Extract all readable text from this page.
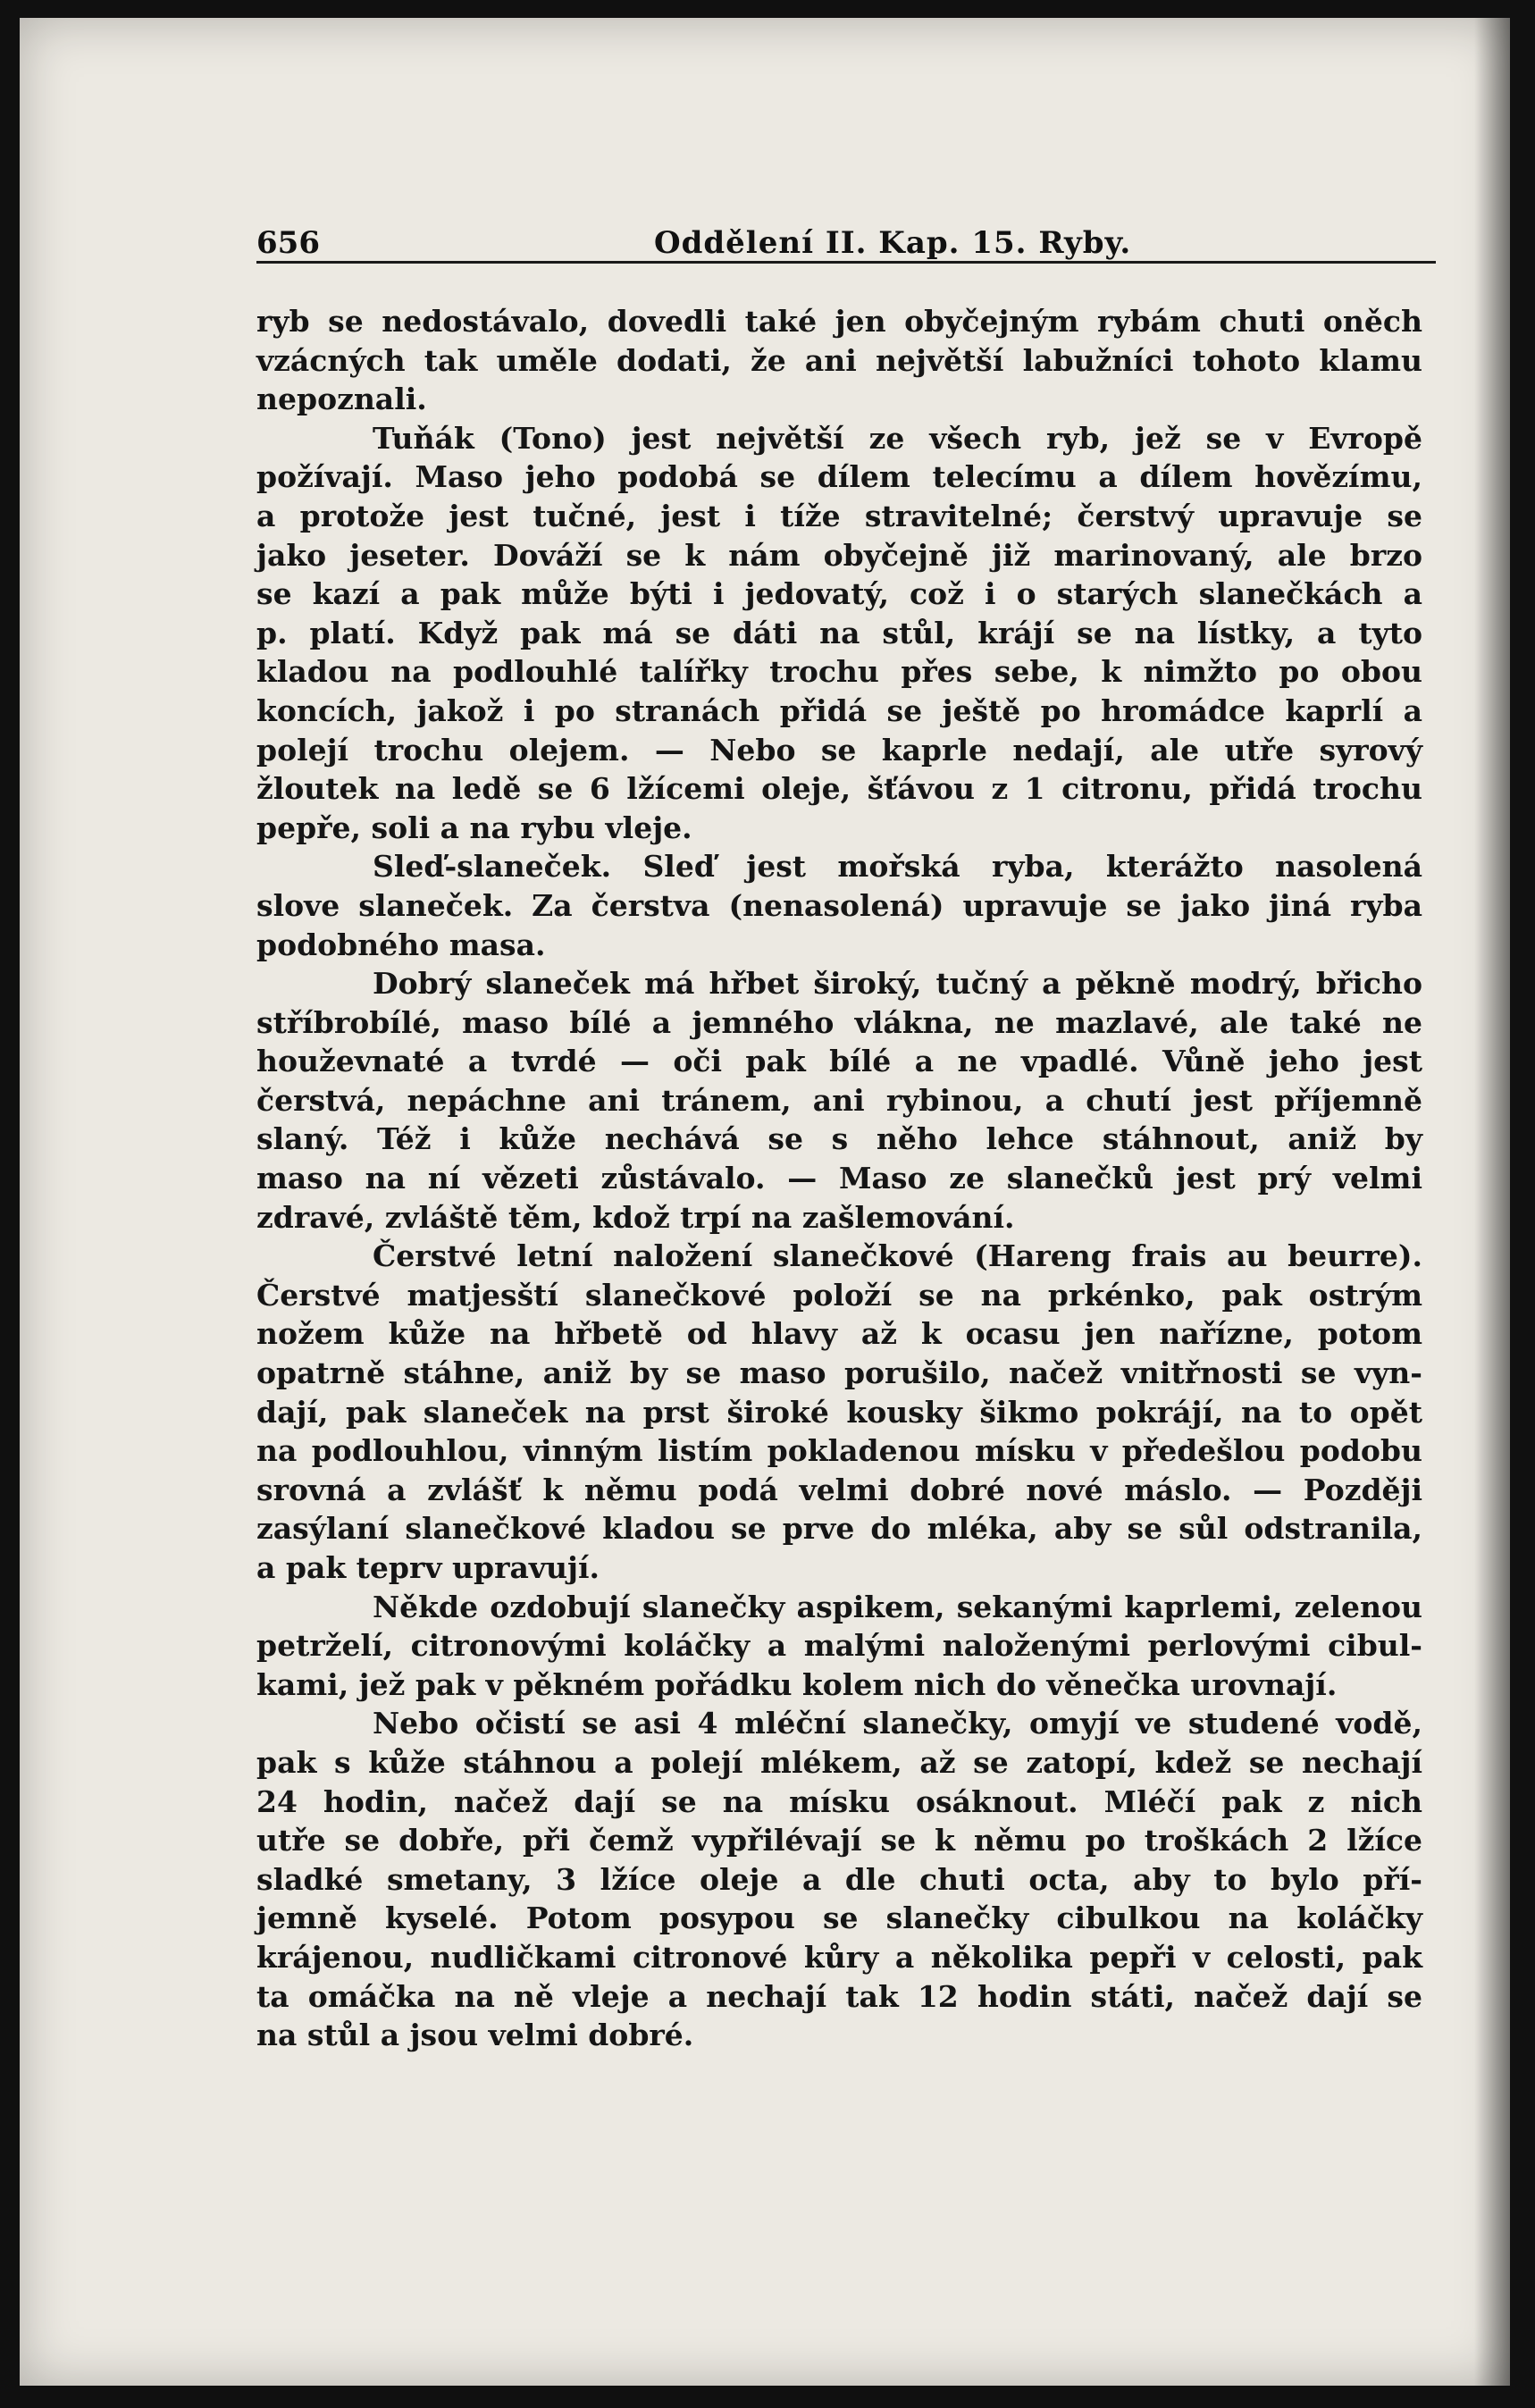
656	Oddělení II. Kap. 15. Ryby.
ryb se nedostávalo, dovedli také jen obyčejným rybám chuti oněch
vzácných tak uměle dodati, že ani největší labužníci tohoto klamu
nepoznali.
Tuňák (Tono) jest největší ze všech ryb, jež se v Evropě
požívají. Maso jeho podobá se dílem telecímu a dílem hovězímu,
a protože jest tučné, jest i tíže stravitelné; čerstvý upravuje se
jako jeseter. Dováží se k nám obyčejně již marinovaný, ale brzo
se kazí a pak může býti i jedovatý, což i o starých slanečkách a
p. platí. Když pak má se dáti na stůl, krájí se na lístky, a tyto
kladou na podlouhlé talířky trochu přes sebe, k nimžto po obou
koncích, jakož i po stranách přidá se ještě po hromádce kaprlí a
polejí trochu olejem. — Nebo se kaprle nedají, ale utře syrový
žloutek na ledě se 6 lžícemi oleje, šťávou z 1 citronu, přidá trochu
pepře, soli a na rybu vleje.
Sleď-slaneček. Sleď jest mořská ryba, kterážto nasolená
slove slaneček. Za čerstva (nenasolená) upravuje se jako jiná ryba
podobného masa.
Dobrý slaneček má hřbet široký, tučný a pěkně modrý, břicho
stříbrobílé, maso bílé a jemného vlákna, ne mazlavé, ale také ne
houževnaté a tvrdé — oči pak bílé a ne vpadlé. Vůně jeho jest
čerstvá, nepáchne ani tránem, ani rybinou, a chutí jest příjemně
slaný. Též i kůže nechává se s něho lehce stáhnout, aniž by
maso na ní vězeti zůstávalo. — Maso ze slanečků jest prý velmi
zdravé, zvláště těm, kdož trpí na zašlemování.
Čerstvé letní naložení slanečkové (Hareng frais au beurre).
Čerstvé matjesští slanečkové položí se na prkénko, pak ostrým
nožem kůže na hřbetě od hlavy až k ocasu jen nařízne, potom
opatrně stáhne, aniž by se maso porušilo, načež vnitřnosti se vyn-
dají, pak slaneček na prst široké kousky šikmo pokrájí, na to opět
na podlouhlou, vinným listím pokladenou mísku v předešlou podobu
srovná a zvlášť k němu podá velmi dobré nové máslo. — Později
zasýlaní slanečkové kladou se prve do mléka, aby se sůl odstranila,
a pak teprv upravují.
Někde ozdobují slanečky aspikem, sekanými kaprlemi, zelenou
petrželí, citronovými koláčky a malými naloženými perlovými cibul-
kami, jež pak v pěkném pořádku kolem nich do věnečka urovnají.
Nebo očistí se asi 4 mléční slanečky, omyjí ve studené vodě,
pak s kůže stáhnou a polejí mlékem, až se zatopí, kdež se nechají
24 hodin, načež dají se na mísku osáknout. Mléčí pak z nich
utře se dobře, při čemž vypřilévají se k němu po troškách 2 lžíce
sladké smetany, 3 lžíce oleje a dle chuti octa, aby to bylo pří-
jemně kyselé. Potom posypou se slanečky cibulkou na koláčky
krájenou, nudličkami citronové kůry a několika pepři v celosti, pak
ta omáčka na ně vleje a nechají tak 12 hodin státi, načež dají se
na stůl a jsou velmi dobré.
